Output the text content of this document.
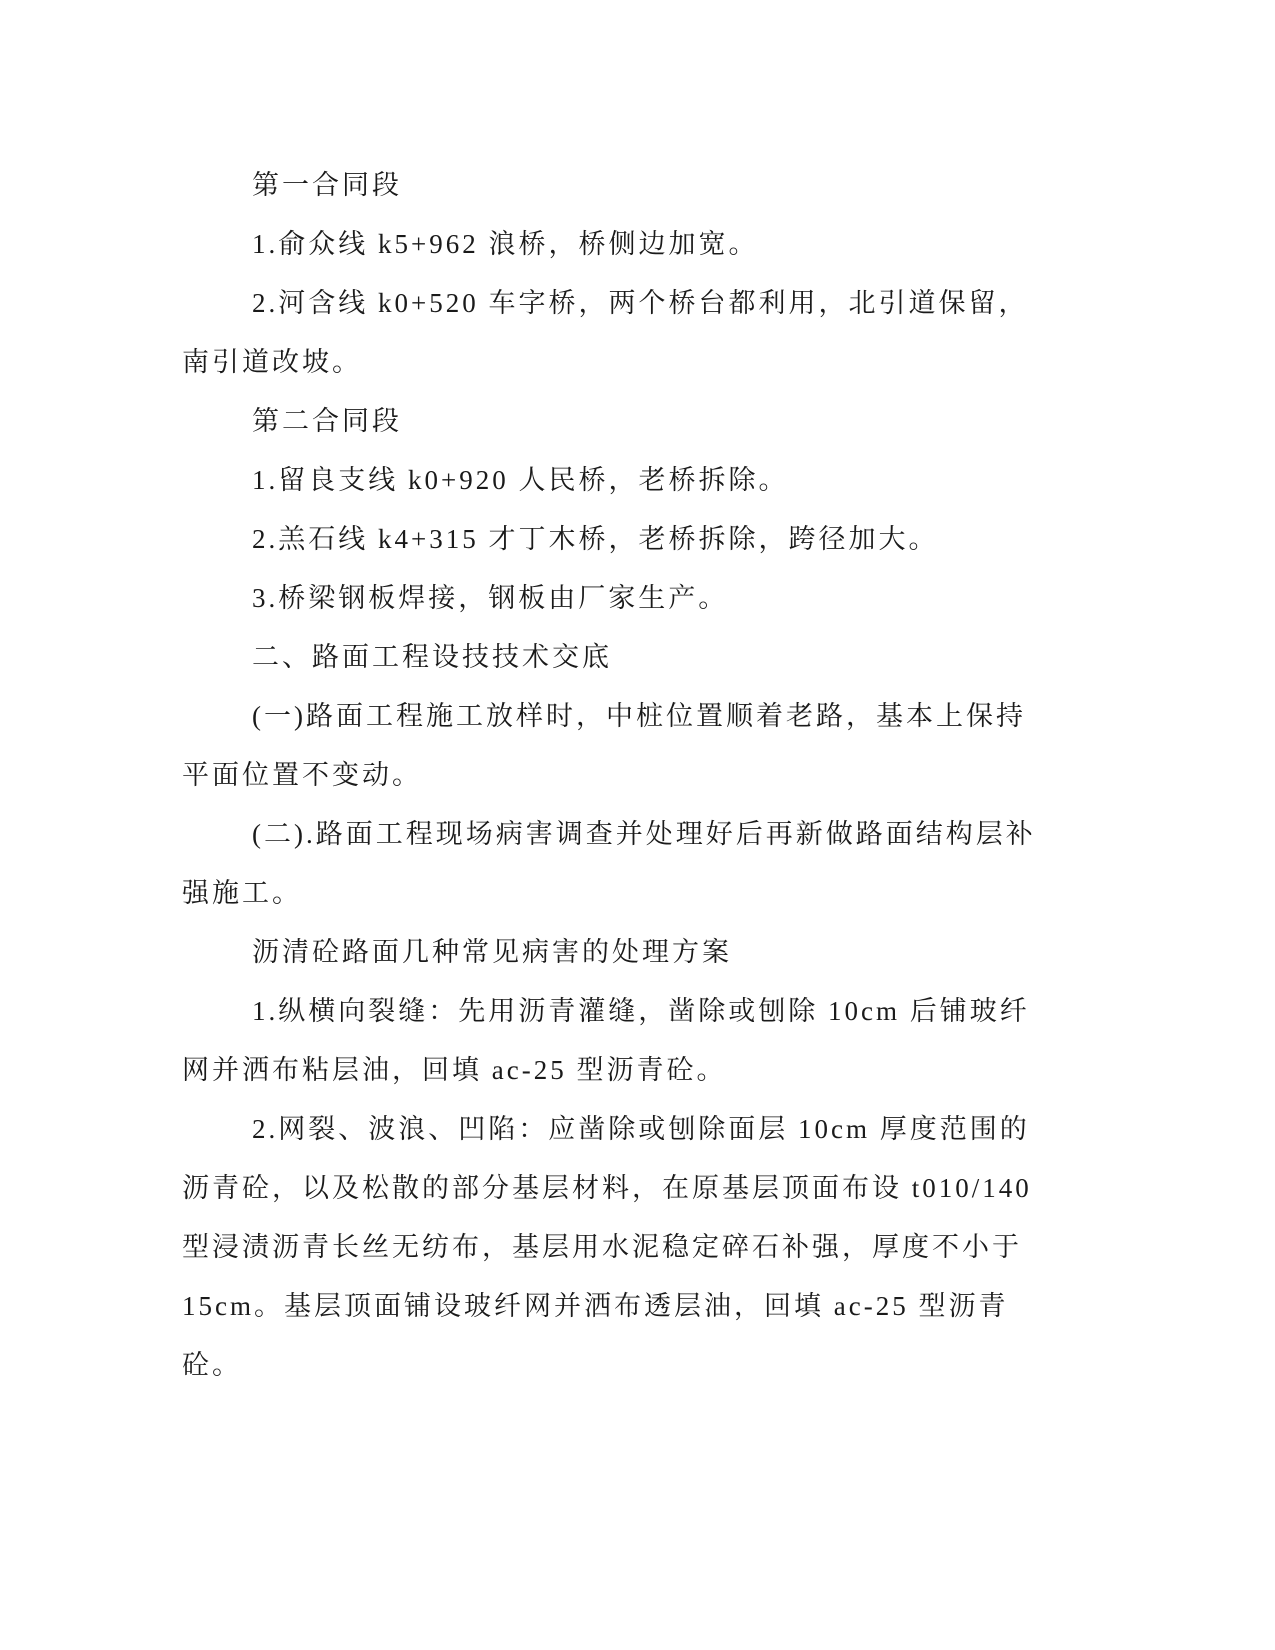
第一合同段

1.俞众线 k5+962 浪桥，桥侧边加宽。

2.河含线 k0+520 车字桥，两个桥台都利用，北引道保留，南引道改坡。

第二合同段

1.留良支线 k0+920 人民桥，老桥拆除。

2.羔石线 k4+315 才丁木桥，老桥拆除，跨径加大。

3.桥梁钢板焊接，钢板由厂家生产。

二、路面工程设技技术交底

(一)路面工程施工放样时，中桩位置顺着老路，基本上保持平面位置不变动。

(二).路面工程现场病害调查并处理好后再新做路面结构层补强施工。

沥清砼路面几种常见病害的处理方案

1.纵横向裂缝：先用沥青灌缝，凿除或刨除 10cm 后铺玻纤网并洒布粘层油，回填 ac-25 型沥青砼。

2.网裂、波浪、凹陷：应凿除或刨除面层 10cm 厚度范围的沥青砼，以及松散的部分基层材料，在原基层顶面布设 t010/140 型浸渍沥青长丝无纺布，基层用水泥稳定碎石补强，厚度不小于 15cm。基层顶面铺设玻纤网并洒布透层油，回填 ac-25 型沥青砼。
